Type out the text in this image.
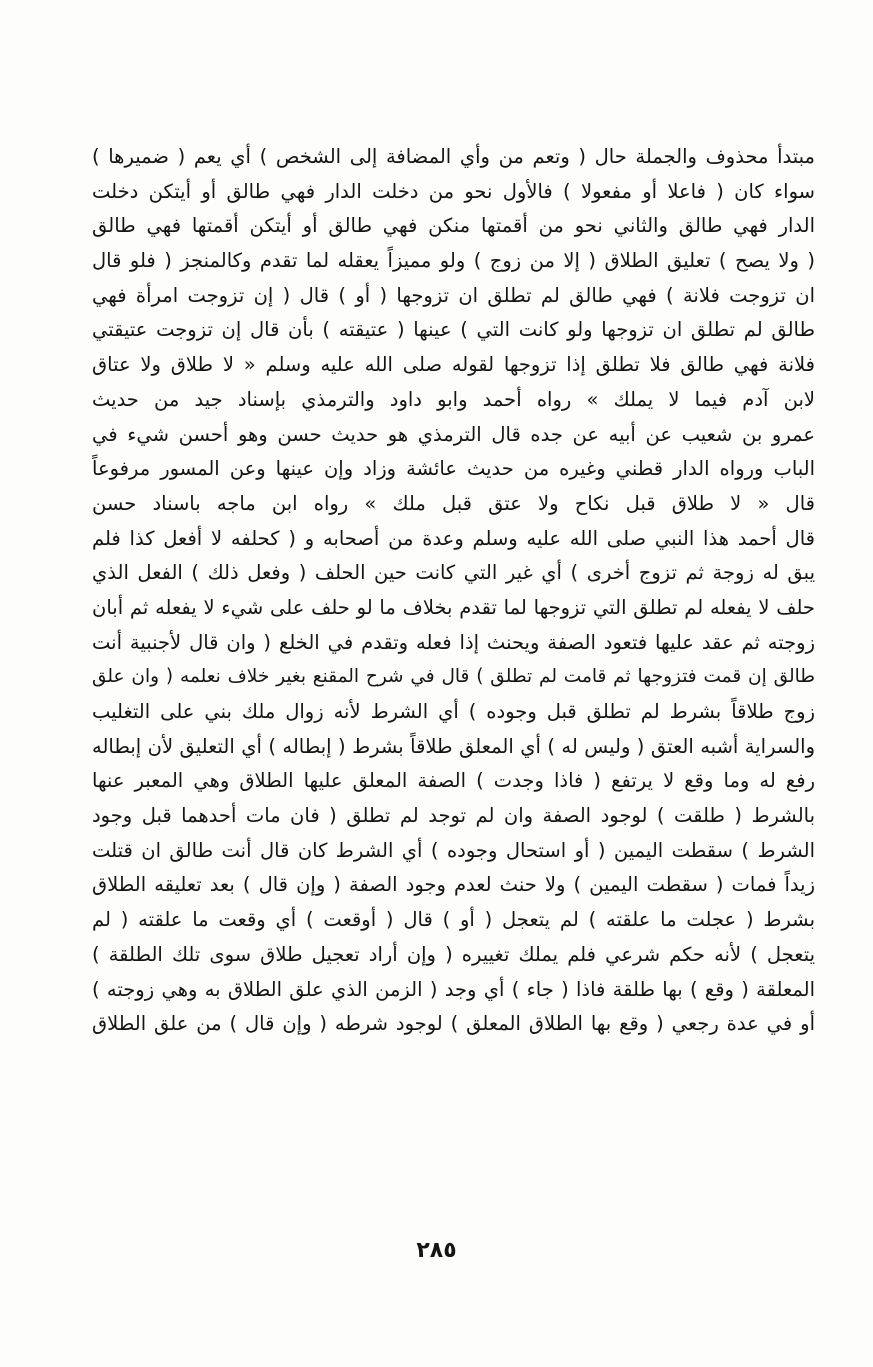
مبتدأ محذوف والجملة حال ( وتعم من وأي المضافة إلى الشخص ) أي يعم ( ضميرها )
سواء كان ( فاعلا أو مفعولا ) فالأول نحو من دخلت الدار فهي طالق أو أيتكن دخلت
الدار فهي طالق والثاني نحو من أقمتها منكن فهي طالق أو أيتكن أقمتها فهي طالق
( ولا يصح ) تعليق الطلاق ( إلا من زوج ) ولو مميزاً يعقله لما تقدم وكالمنجز ( فلو قال
ان تزوجت فلانة ) فهي طالق لم تطلق ان تزوجها ( أو ) قال ( إن تزوجت امرأة فهي
طالق لم تطلق ان تزوجها ولو كانت التي ) عينها ( عتيقته ) بأن قال إن تزوجت عتيقتي
فلانة فهي طالق فلا تطلق إذا تزوجها لقوله صلى الله عليه وسلم « لا طلاق ولا عتاق
لابن آدم فيما لا يملك » رواه أحمد وابو داود والترمذي بإسناد جيد من حديث
عمرو بن شعيب عن أبيه عن جده قال الترمذي هو حديث حسن وهو أحسن شيء في
الباب ورواه الدار قطني وغيره من حديث عائشة وزاد وإن عينها وعن المسور مرفوعاً
قال « لا طلاق قبل نكاح ولا عتق قبل ملك » رواه ابن ماجه باسناد حسن
قال أحمد هذا النبي صلى الله عليه وسلم وعدة من أصحابه و ( كحلفه لا أفعل كذا فلم
يبق له زوجة ثم تزوج أخرى ) أي غير التي كانت حين الحلف ( وفعل ذلك ) الفعل الذي
حلف لا يفعله لم تطلق التي تزوجها لما تقدم بخلاف ما لو حلف على شيء لا يفعله ثم أبان
زوجته ثم عقد عليها فتعود الصفة ويحنث إذا فعله وتقدم في الخلع ( وان قال لأجنبية أنت
طالق إن قمت فتزوجها ثم قامت لم تطلق ) قال في شرح المقنع بغير خلاف نعلمه ( وان علق
زوج طلاقاً بشرط لم تطلق قبل وجوده ) أي الشرط لأنه زوال ملك بني على التغليب
والسراية أشبه العتق ( وليس له ) أي المعلق طلاقاً بشرط ( إبطاله ) أي التعليق لأن إبطاله
رفع له وما وقع لا يرتفع ( فاذا وجدت ) الصفة المعلق عليها الطلاق وهي المعبر عنها
بالشرط ( طلقت ) لوجود الصفة وان لم توجد لم تطلق ( فان مات أحدهما قبل وجود
الشرط ) سقطت اليمين ( أو استحال وجوده ) أي الشرط كان قال أنت طالق ان قتلت
زيداً فمات ( سقطت اليمين ) ولا حنث لعدم وجود الصفة ( وإن قال ) بعد تعليقه الطلاق
بشرط ( عجلت ما علقته ) لم يتعجل ( أو ) قال ( أوقعت ) أي وقعت ما علقته ( لم
يتعجل ) لأنه حكم شرعي فلم يملك تغييره ( وإن أراد تعجيل طلاق سوى تلك الطلقة )
المعلقة ( وقع ) بها طلقة فاذا ( جاء ) أي وجد ( الزمن الذي علق الطلاق به وهي زوجته )
أو في عدة رجعي ( وقع بها الطلاق المعلق ) لوجود شرطه ( وإن قال ) من علق الطلاق
٢٨٥
